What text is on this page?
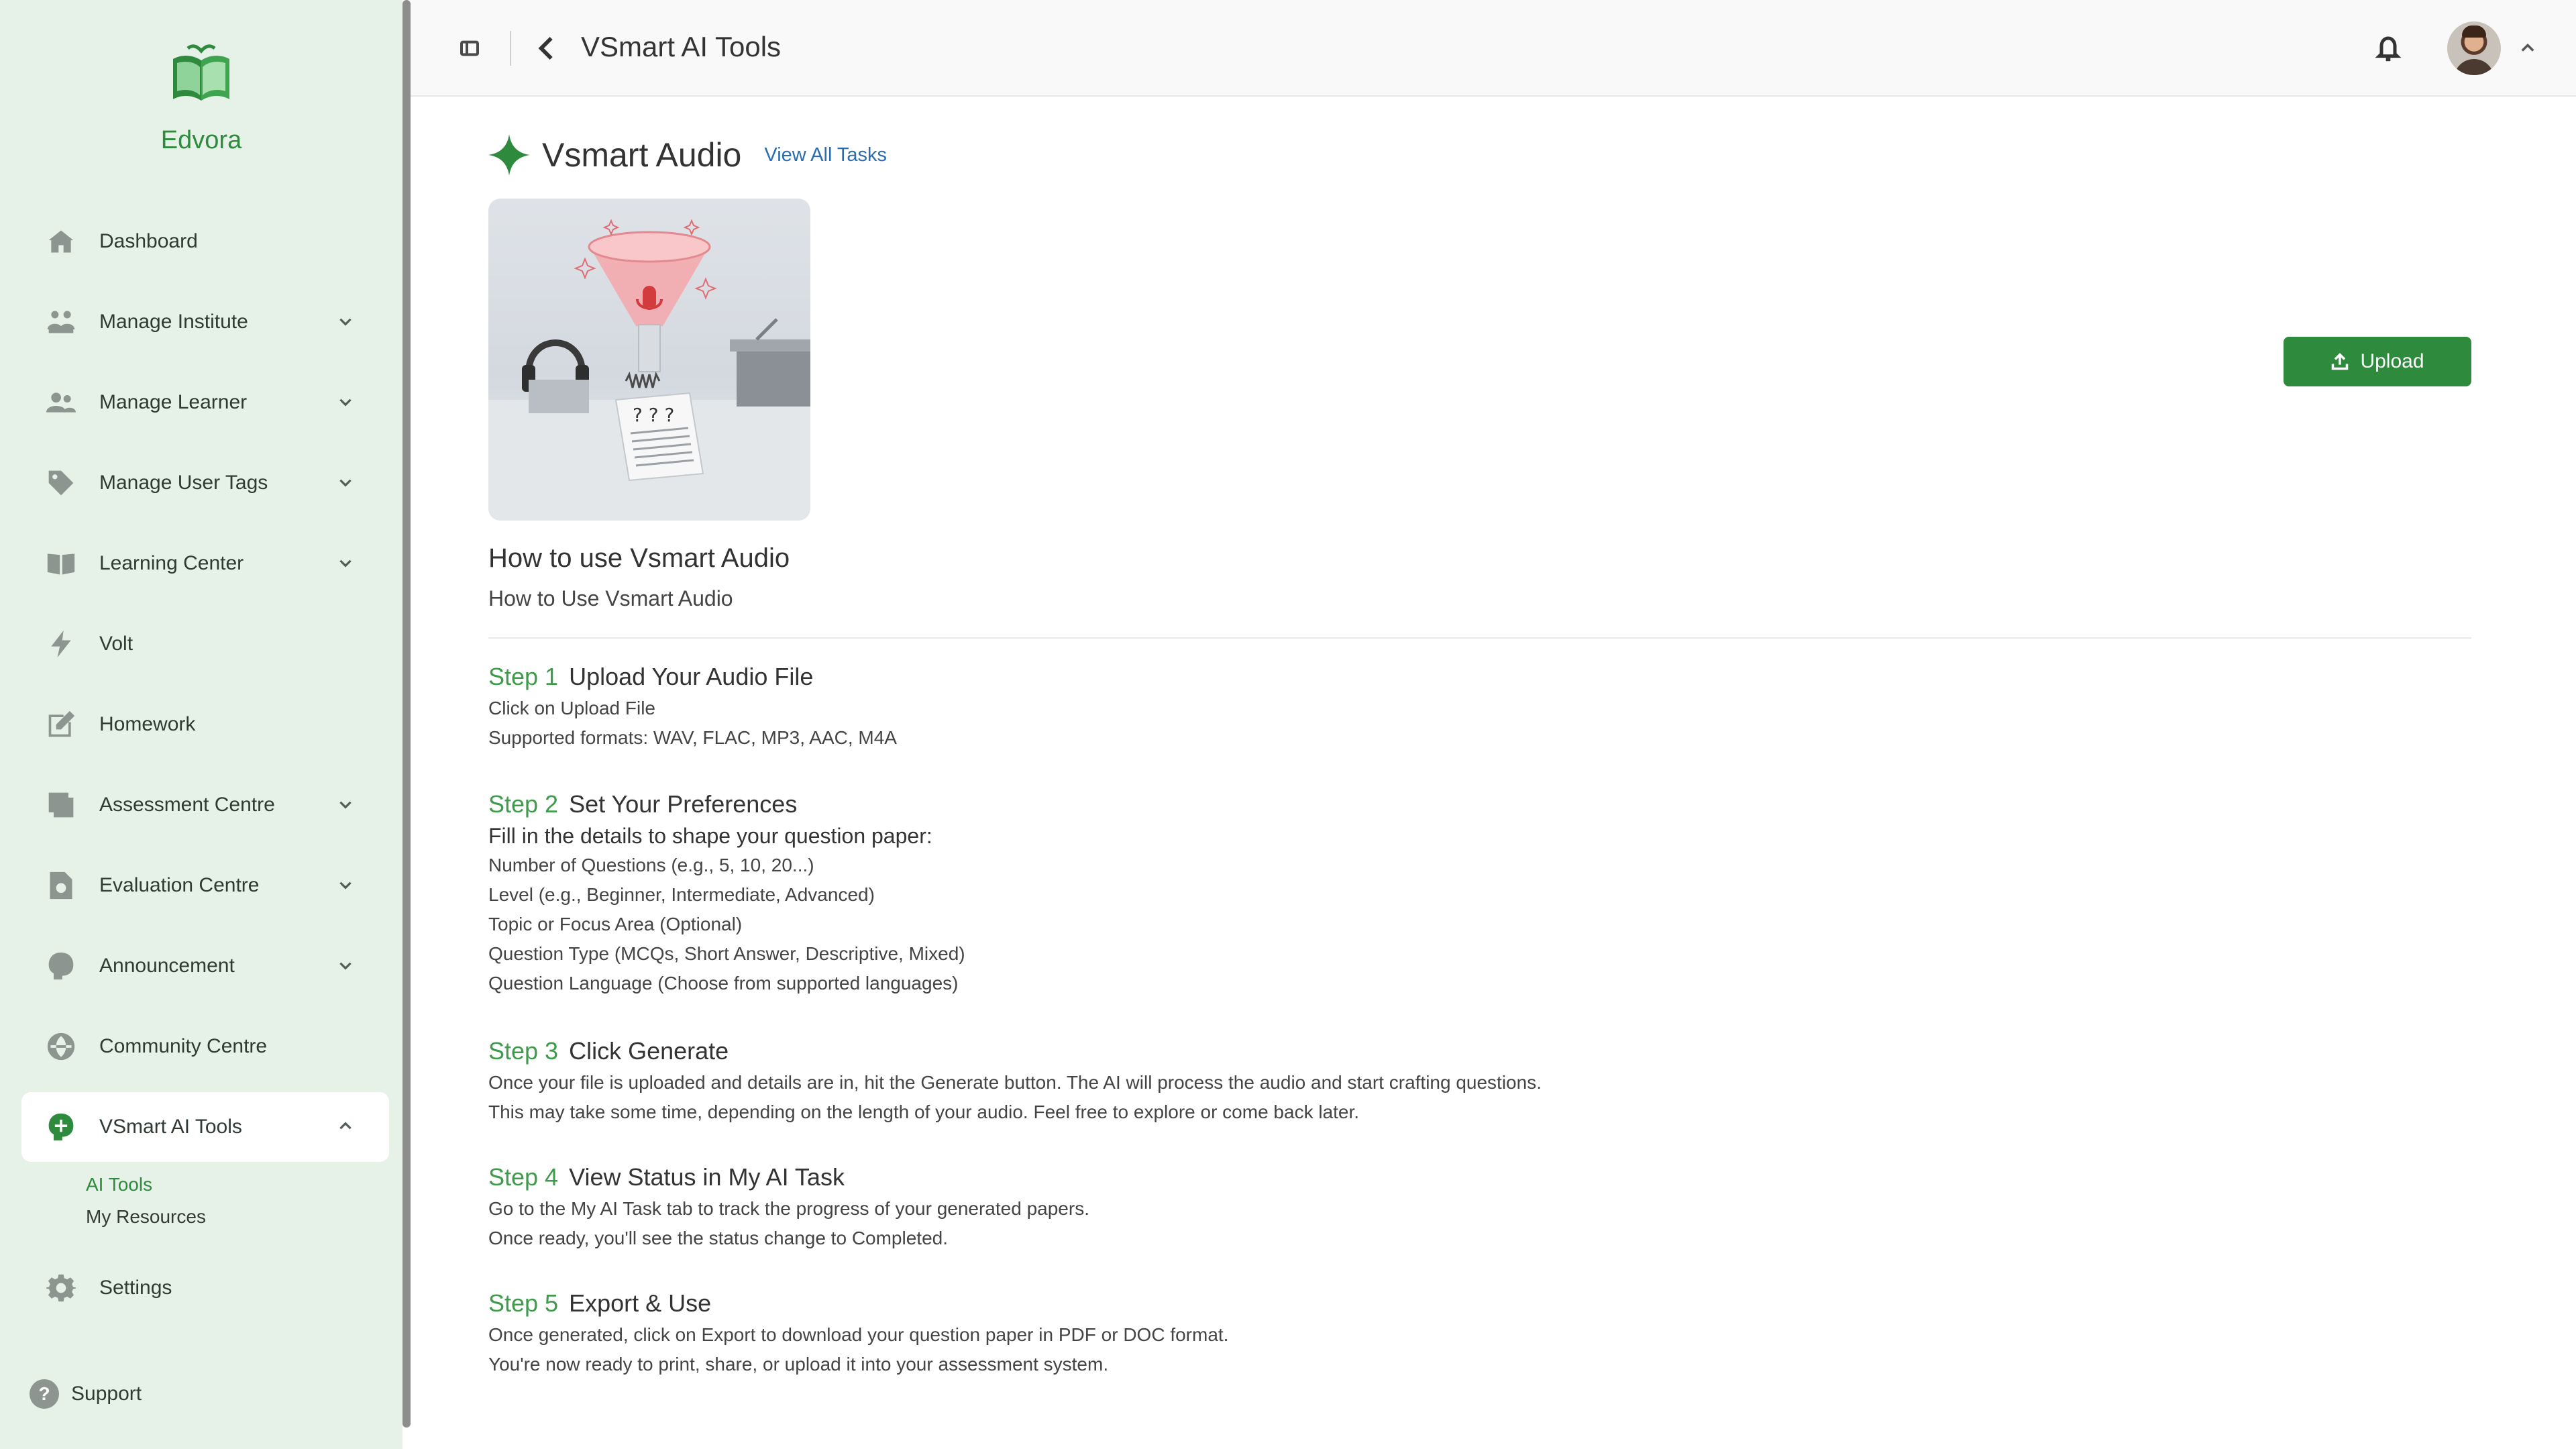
Edvora
Dashboard
Manage Institute
Manage Learner
Manage User Tags
Learning Center
Volt
Homework
Assessment Centre
Evaluation Centre
Announcement
Community Centre
VSmart AI Tools
AI Tools
My Resources
Settings
?	Support
VSmart AI Tools
Vsmart Audio View All Tasks
? ? ?
Upload
How to use Vsmart Audio
How to Use Vsmart Audio
Step 1 Upload Your Audio File
Click on Upload File
Supported formats: WAV, FLAC, MP3, AAC, M4A
Step 2 Set Your Preferences
Fill in the details to shape your question paper:
Number of Questions (e.g., 5, 10, 20...)
Level (e.g., Beginner, Intermediate, Advanced)
Topic or Focus Area (Optional)
Question Type (MCQs, Short Answer, Descriptive, Mixed)
Question Language (Choose from supported languages)
Step 3 Click Generate
Once your file is uploaded and details are in, hit the Generate button. The AI will process the audio and start crafting questions.
This may take some time, depending on the length of your audio. Feel free to explore or come back later.
Step 4 View Status in My AI Task
Go to the My AI Task tab to track the progress of your generated papers.
Once ready, you'll see the status change to Completed.
Step 5 Export & Use
Once generated, click on Export to download your question paper in PDF or DOC format.
You're now ready to print, share, or upload it into your assessment system.
